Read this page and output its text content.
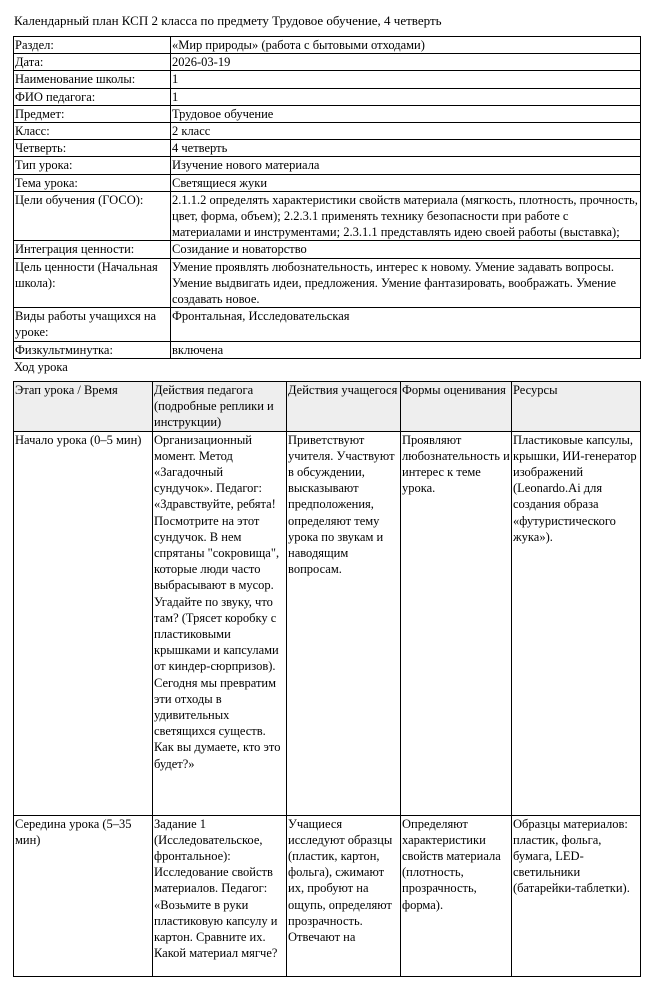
Календарный план КСП 2 класса по предмету Трудовое обучение, 4 четверть
Раздел:	«Мир природы» (работа с бытовыми отходами)
Дата:	2026-03-19
Наименование школы:	1
ФИО педагога:	1
Предмет:	Трудовое обучение
Класс:	2 класс
Четверть:	4 четверть
Тип урока:	Изучение нового материала
Тема урока:	Светящиеся жуки
Цели обучения (ГОСО):	2.1.1.2 определять характеристики свойств материала (мягкость, плотность, прочность, цвет, форма, объем); 2.2.3.1 применять технику безопасности при работе с материалами и инструментами; 2.3.1.1 представлять идею своей работы (выставка);
Интеграция ценности:	Созидание и новаторство
Цель ценности (Начальная школа):	Умение проявлять любознательность, интерес к новому. Умение задавать вопросы. Умение выдвигать идеи, предложения. Умение фантазировать, воображать. Умение создавать новое.
Виды работы учащихся на уроке:	Фронтальная, Исследовательская
Физкультминутка:	включена
Ход урока
Этап урока / Время	Действия педагога (подробные реплики и инструкции)	Действия учащегося	Формы оценивания	Ресурсы

Начало урока (0–5 мин)	Организационный момент. Метод «Загадочный сундучок». Педагог: «Здравствуйте, ребята! Посмотрите на этот сундучок. В нем спрятаны "сокровища", которые люди часто выбрасывают в мусор. Угадайте по звуку, что там? (Трясет коробку с пластиковыми крышками и капсулами от киндер-сюрпризов). Сегодня мы превратим эти отходы в удивительных светящихся существ. Как вы думаете, кто это будет?»	Приветствуют учителя. Участвуют в обсуждении, высказывают предположения, определяют тему урока по звукам и наводящим вопросам.	Проявляют любознательность и интерес к теме урока.	Пластиковые капсулы, крышки, ИИ-генератор изображений (Leonardo.Ai для создания образа «футуристического жука»).

Середина урока (5–35 мин)	Задание 1 (Исследовательское, фронтальное): Исследование свойств материалов. Педагог: «Возьмите в руки пластиковую капсулу и картон. Сравните их. Какой материал мягче?	Учащиеся исследуют образцы (пластик, картон, фольга), сжимают их, пробуют на ощупь, определяют прозрачность. Отвечают на	Определяют характеристики свойств материала (плотность, прозрачность, форма).	Образцы материалов: пластик, фольга, бумага, LED-светильники (батарейки-таблетки).
